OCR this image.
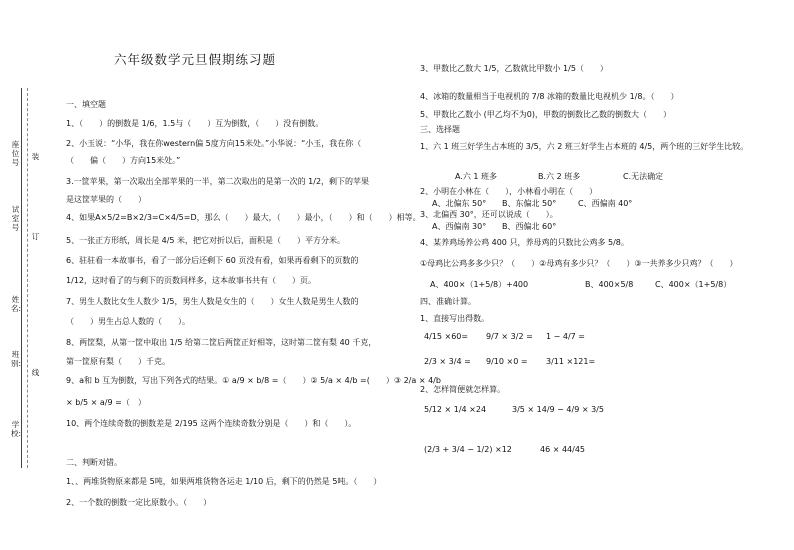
六年级数学元旦假期练习题
座位号
装
试室号
订
姓名:
班别:
线
学校:
一、填空题
1、（　　）的倒数是 1/6，1.5与（　　）互为倒数，（　　）没有倒数。
2、小玉说：“小华，我在你western偏 5度方向15米处。”小华说：“小玉，我在你（
（　　偏（　　）方向15米处。”
3.一筐苹果，第一次取出全部苹果的一半，第二次取出的是第一次的 1/2，剩下的苹果
是这筐苹果的（　　）
4、如果A×5/2=B×2/3=C×4/5=D，那么（　　）最大，（　　）最小，（　　）和（　　）相等。
5、一张正方形纸，周长是 4/5 米，把它对折以后，面积是（　　）平方分米。
6、驻驻看一本故事书，看了一部分后还剩下 60 页没有看，如果再看剩下的页数的
1/12，这时看了的与剩下的页数同样多，这本故事书共有（　　）页。
7、男生人数比女生人数少 1/5，男生人数是女生的（　　）女生人数是男生人数的
（　　）男生占总人数的（　　）。
8、两筐梨，从第一筐中取出 1/5 给第二筐后两筐正好相等，这时第二筐有梨 40 千克，
第一筐原有梨（　　）千克。
9、a和 b 互为倒数，写出下列各式的结果。① a/9 × b/8 =（　　）② 5/a × 4/b =(　　）③ 2/a × 4/b
× b/5 × a/9 =（　）
10、两个连续奇数的倒数差是 2/195 这两个连续奇数分别是（　　）和（　　）。
二、判断对错。
1、、两堆货物原来都是 5吨，如果两堆货物各运走 1/10 后，剩下的仍然是 5吨。（　　）
2、一个数的倒数一定比原数小。（　　）
3、甲数比乙数大 1/5，乙数就比甲数小 1/5（　　）
4、冰箱的数量相当于电视机的 7/8 冰箱的数量比电视机少 1/8。（　　）
5、甲数比乙数小 (甲乙均不为0)，甲数的倒数比乙数的倒数大（　　）
三、选择题
1、六 1 班三好学生占本班的 3/5，六 2 班三好学生占本班的 4/5，两个班的三好学生比较。
A.六 1 班多	B.六 2 班多	C.无法确定
2、小明在小林在（　　），小林看小明在（　　）
A、北偏东 50° B、东偏北 50°	C、西偏南 40°
3、北偏西 30°，还可以说成（　　）。
A、西偏南 30° B、西偏北 60°
4、某养鸡场养公鸡 400 只，养母鸡的只数比公鸡多 5/8。
①母鸡比公鸡多多少只？（　　）②母鸡有多少只？（　　）③一共养多少只鸡？（　　）
A、400×（1+5/8）+400	B、400×5/8	C、400×（1+5/8）
四、准确计算。
1、直接写出得数。
4/15 ×60= 9/7 × 3/2 = 1 − 4/7 =
2/3 × 3/4 = 9/10 ×0 = 3/11 ×121=
2、怎样简便就怎样算。
5/12 × 1/4 ×24	3/5 × 14/9 − 4/9 × 3/5
(2/3 + 3/4 − 1/2) ×12	46 × 44/45
